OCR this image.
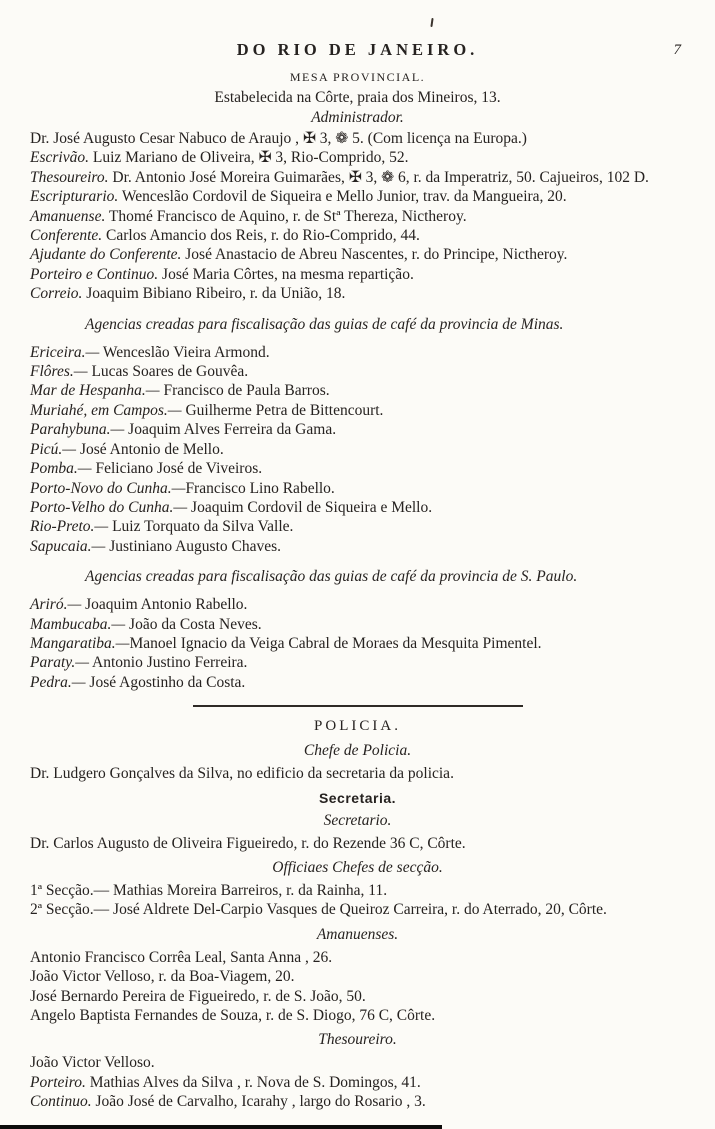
DO RIO DE JANEIRO.	7
MESA PROVINCIAL.

Estabelecida na Côrte, praia dos Mineiros, 13.

Administrador.

Dr. José Augusto Cesar Nabuco de Araujo , ✠ 3, ❁ 5. (Com licença na Europa.)

Escrivão. Luiz Mariano de Oliveira, ✠ 3, Rio-Comprido, 52.

Thesoureiro. Dr. Antonio José Moreira Guimarães, ✠ 3, ❁ 6, r. da Imperatriz, 50. Cajueiros, 102 D.

Escripturario. Wenceslão Cordovil de Siqueira e Mello Junior, trav. da Mangueira, 20.

Amanuense. Thomé Francisco de Aquino, r. de Stª Thereza, Nictheroy.

Conferente. Carlos Amancio dos Reis, r. do Rio-Comprido, 44.

Ajudante do Conferente. José Anastacio de Abreu Nascentes, r. do Principe, Nictheroy.

Porteiro e Continuo. José Maria Côrtes, na mesma repartição.

Correio. Joaquim Bibiano Ribeiro, r. da União, 18.

Agencias creadas para fiscalisação das guias de café da provincia de Minas.

Ericeira.— Wenceslão Vieira Armond.

Flôres.— Lucas Soares de Gouvêa.

Mar de Hespanha.— Francisco de Paula Barros.

Muriahé, em Campos.— Guilherme Petra de Bittencourt.

Parahybuna.— Joaquim Alves Ferreira da Gama.

Picú.— José Antonio de Mello.

Pomba.— Feliciano José de Viveiros.

Porto-Novo do Cunha.—Francisco Lino Rabello.

Porto-Velho do Cunha.— Joaquim Cordovil de Siqueira e Mello.

Rio-Preto.— Luiz Torquato da Silva Valle.

Sapucaia.— Justiniano Augusto Chaves.

Agencias creadas para fiscalisação das guias de café da provincia de S. Paulo.

Ariró.— Joaquim Antonio Rabello.

Mambucaba.— João da Costa Neves.

Mangaratiba.—Manoel Ignacio da Veiga Cabral de Moraes da Mesquita Pimentel.

Paraty.— Antonio Justino Ferreira.

Pedra.— José Agostinho da Costa.

POLICIA.

Chefe de Policia.

Dr. Ludgero Gonçalves da Silva, no edificio da secretaria da policia.

Secretaria.

Secretario.

Dr. Carlos Augusto de Oliveira Figueiredo, r. do Rezende 36 C, Côrte.

Officiaes Chefes de secção.

1ª Secção.— Mathias Moreira Barreiros, r. da Rainha, 11.

2ª Secção.— José Aldrete Del-Carpio Vasques de Queiroz Carreira, r. do Aterrado, 20, Côrte.

Amanuenses.

Antonio Francisco Corrêa Leal, Santa Anna , 26.

João Victor Velloso, r. da Boa-Viagem, 20.

José Bernardo Pereira de Figueiredo, r. de S. João, 50.

Angelo Baptista Fernandes de Souza, r. de S. Diogo, 76 C, Côrte.

Thesoureiro.

João Victor Velloso.

Porteiro. Mathias Alves da Silva , r. Nova de S. Domingos, 41.

Continuo. João José de Carvalho, Icarahy , largo do Rosario , 3.
